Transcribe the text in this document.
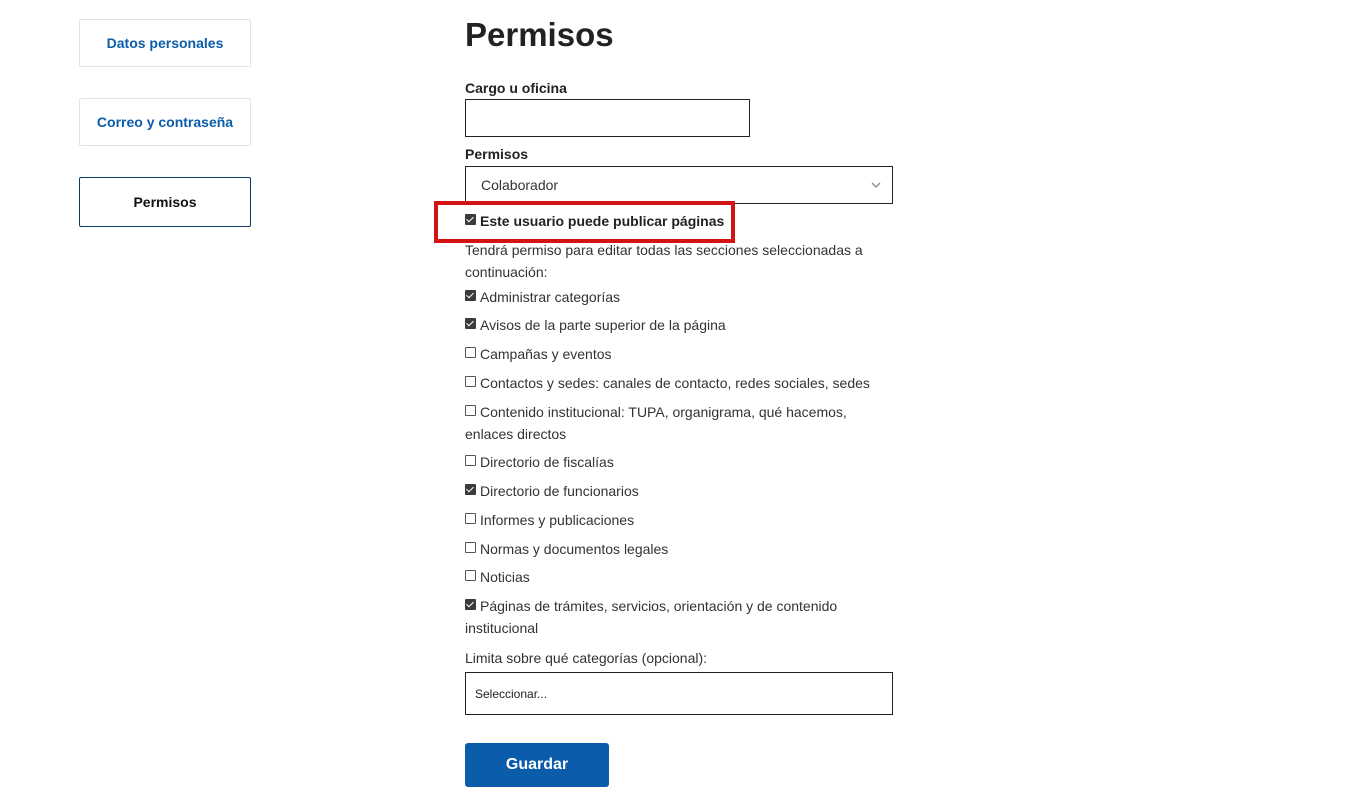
Datos personales
Correo y contraseña
Permisos
Permisos
Cargo u oficina
Permisos
Colaborador
Este usuario puede publicar páginas
Tendrá permiso para editar todas las secciones seleccionadas a continuación:
Administrar categorías
Avisos de la parte superior de la página
Campañas y eventos
Contactos y sedes: canales de contacto, redes sociales, sedes
Contenido institucional: TUPA, organigrama, qué hacemos, enlaces directos
Directorio de fiscalías
Directorio de funcionarios
Informes y publicaciones
Normas y documentos legales
Noticias
Páginas de trámites, servicios, orientación y de contenido institucional
Limita sobre qué categorías (opcional):
Seleccionar...
Guardar
